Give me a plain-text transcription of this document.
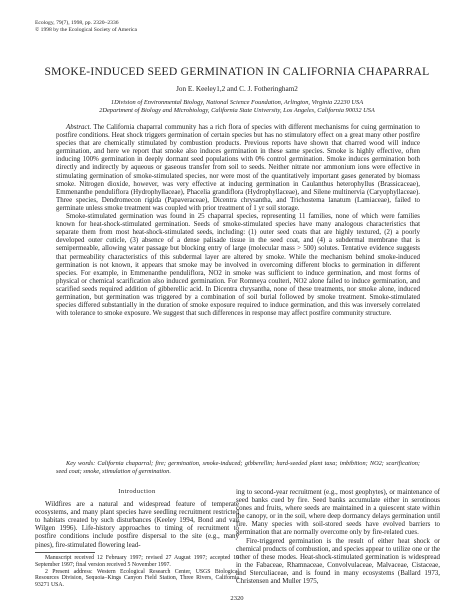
Ecology, 79(7), 1998, pp. 2320–2336
© 1998 by the Ecological Society of America
SMOKE-INDUCED SEED GERMINATION IN CALIFORNIA CHAPARRAL
Jon E. Keeley1,2 and C. J. Fotheringham2
1Division of Environmental Biology, National Science Foundation, Arlington, Virginia 22230 USA
2Department of Biology and Microbiology, California State University, Los Angeles, California 90032 USA

Abstract. The California chaparral community has a rich flora of species with different mechanisms for cuing germination to postfire conditions. Heat shock triggers germination of certain species but has no stimulatory effect on a great many other postfire species that are chemically stimulated by combustion products. Previous reports have shown that charred wood will induce germination, and here we report that smoke also induces germination in these same species. Smoke is highly effective, often inducing 100% germination in deeply dormant seed populations with 0% control germination. Smoke induces germination both directly and indirectly by aqueous or gaseous transfer from soil to seeds. Neither nitrate nor ammonium ions were effective in stimulating germination of smoke-stimulated species, nor were most of the quantitatively important gases generated by biomass smoke. Nitrogen dioxide, however, was very effective at inducing germination in Caulanthus heterophyllus (Brassicaceae), Emmenanthe penduliflora (Hydrophyllaceae), Phacelia grandiflora (Hydrophyllaceae), and Silene multinervia (Caryophyllaceae). Three species, Dendromecon rigida (Papaveraceae), Dicentra chrysantha, and Trichostema lanatum (Lamiaceae), failed to germinate unless smoke treatment was coupled with prior treatment of 1 yr soil storage.

Smoke-stimulated germination was found in 25 chaparral species, representing 11 families, none of which were families known for heat-shock-stimulated germination. Seeds of smoke-stimulated species have many analogous characteristics that separate them from most heat-shock-stimulated seeds, including: (1) outer seed coats that are highly textured, (2) a poorly developed outer cuticle, (3) absence of a dense palisade tissue in the seed coat, and (4) a subdermal membrane that is semipermeable, allowing water passage but blocking entry of large (molecular mass > 500) solutes. Tentative evidence suggests that permeability characteristics of this subdermal layer are altered by smoke. While the mechanism behind smoke-induced germination is not known, it appears that smoke may be involved in overcoming different blocks to germination in different species. For example, in Emmenanthe penduliflora, NO2 in smoke was sufficient to induce germination, and most forms of physical or chemical scarification also induced germination. For Romneya coulteri, NO2 alone failed to induce germination, and scarified seeds required addition of gibberellic acid. In Dicentra chrysantha, none of these treatments, nor smoke alone, induced germination, but germination was triggered by a combination of soil burial followed by smoke treatment. Smoke-stimulated species differed substantially in the duration of smoke exposure required to induce germination, and this was inversely correlated with tolerance to smoke exposure. We suggest that such differences in response may affect postfire community structure.

Key words: California chaparral; fire; germination, smoke-induced; gibberellin; hard-seeded plant taxa; imbibition; NO2; scarification; seed coat; smoke, stimulation of germination.
Introduction

Wildfires are a natural and widespread feature of temperate ecosystems, and many plant species have seedling recruitment restricted to habitats created by such disturbances (Keeley 1994, Bond and van Wilgen 1996). Life-history approaches to timing of recruitment to postfire conditions include postfire dispersal to the site (e.g., many pines), fire-stimulated flowering lead-

Manuscript received 12 February 1997; revised 27 August 1997; accepted 19 September 1997; final version received 5 November 1997.

2 Present address: Western Ecological Research Center, USGS Biological Resources Division, Sequoia–Kings Canyon Field Station, Three Rivers, California 93271 USA.

ing to second-year recruitment (e.g., most geophytes), or maintenance of seed banks cued by fire. Seed banks accumulate either in serotinous cones and fruits, where seeds are maintained in a quiescent state within the canopy, or in the soil, where deep dormancy delays germination until fire. Many species with soil-stored seeds have evolved barriers to germination that are normally overcome only by fire-related cues.

Fire-triggered germination is the result of either heat shock or chemical products of combustion, and species appear to utilize one or the other of these modes. Heat-shock-stimulated germination is widespread in the Fabaceae, Rhamnaceae, Convolvulaceae, Malvaceae, Cistaceae, and Sterculiaceae, and is found in many ecosystems (Ballard 1973, Christensen and Muller 1975,

2320
